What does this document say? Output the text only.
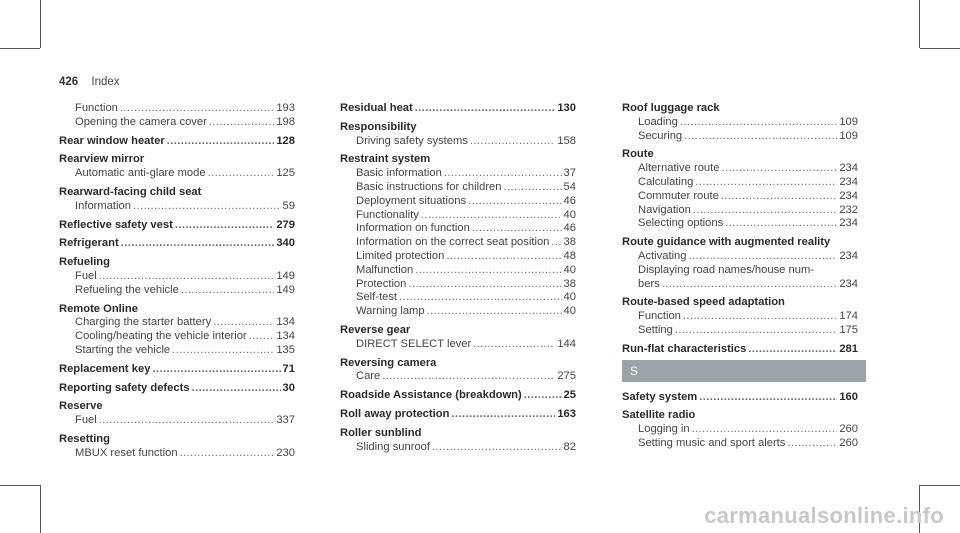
426 Index
Function .....	193
Opening the camera cover .....	198
Rear window heater .....	128
Rearview mirror
Automatic anti-glare mode .....	125
Rearward-facing child seat
Information .....	59
Reflective safety vest .....	279
Refrigerant .....	340
Refueling
Fuel .....	149
Refueling the vehicle .....	149
Remote Online
Charging the starter battery .....	134
Cooling/heating the vehicle interior .....	134
Starting the vehicle .....	135
Replacement key .....	71
Reporting safety defects .....	30
Reserve
Fuel .....	337
Resetting
MBUX reset function .....	230
Residual heat .....	130
Responsibility
Driving safety systems .....	158
Restraint system
Basic information .....	37
Basic instructions for children .....	54
Deployment situations .....	46
Functionality .....	40
Information on function .....	46
Information on the correct seat position ..... 38
Limited protection .....	48
Malfunction .....	40
Protection .....	38
Self-test .....	40
Warning lamp .....	40
Reverse gear
DIRECT SELECT lever .....	144
Reversing camera
Care .....	275
Roadside Assistance (breakdown) .....	25
Roll away protection .....	163
Roller sunblind
Sliding sunroof .....	82
Roof luggage rack
Loading .....	109
Securing .....	109
Route
Alternative route .....	234
Calculating .....	234
Commuter route .....	234
Navigation .....	232
Selecting options .....	234
Route guidance with augmented reality
Activating .....	234
Displaying road names/house num-
bers .....	234
Route-based speed adaptation
Function .....	174
Setting .....	175
Run-flat characteristics .....	281
S
Safety system .....	160
Satellite radio
Logging in .....	260
Setting music and sport alerts .....	260
carmanualsonline.info
